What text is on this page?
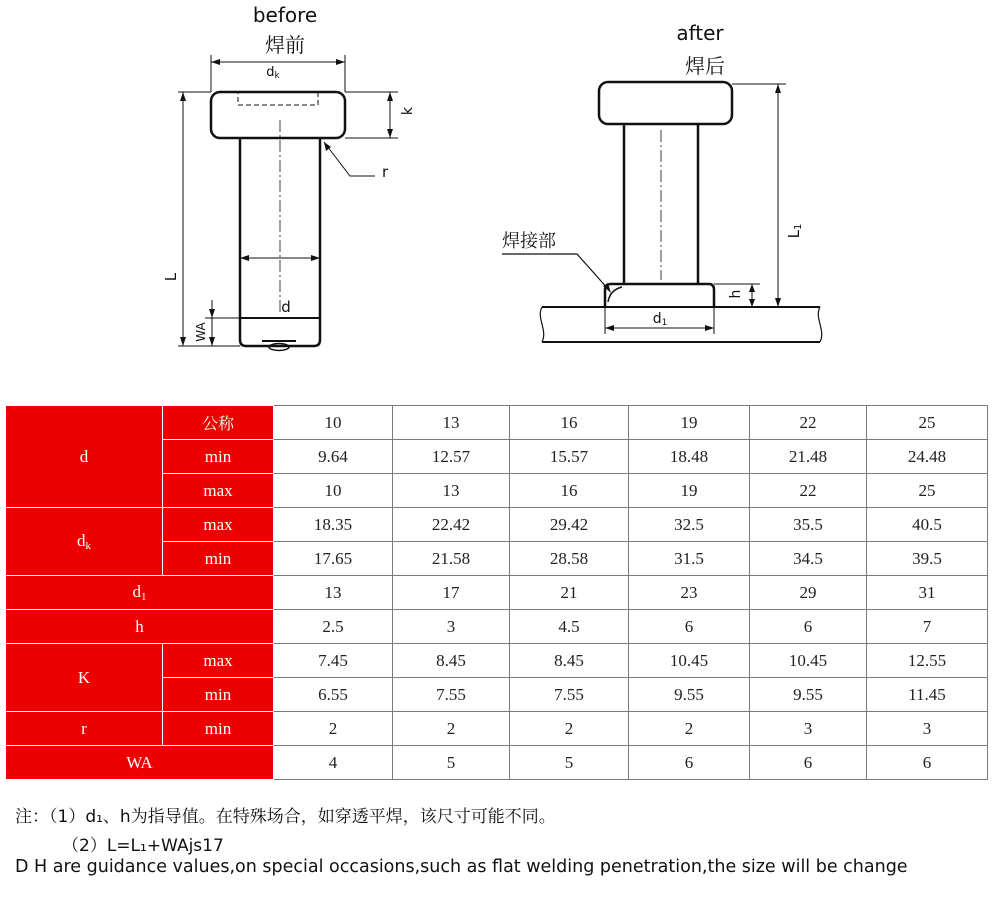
before
焊前
dk
k
r
d
L
WA
after
焊后
焊接部	L1
h
d1
d	公称	10	13	16	19	22	25
	min	9.64	12.57	15.57	18.48	21.48	24.48
	max	10	13	16	19	22	25
$d_k$	max	18.35	22.42	29.42	32.5	35.5	40.5
	min	17.65	21.58	28.58	31.5	34.5	39.5
$d_1$		13	17	21	23	29	31
h		2.5	3	4.5	6	6	7
K	max	7.45	8.45	8.45	10.45	10.45	12.55
	min	6.55	7.55	7.55	9.55	9.55	11.45
r	min	2	2	2	2	3	3
WA		4	5	5	6	6	6
注：（1）d₁、h为指导值。在特殊场合，如穿透平焊，该尺寸可能不同。
（2）L=L₁+WAjs17
D H are guidance values,on special occasions,such as flat welding penetration,the size will be change
